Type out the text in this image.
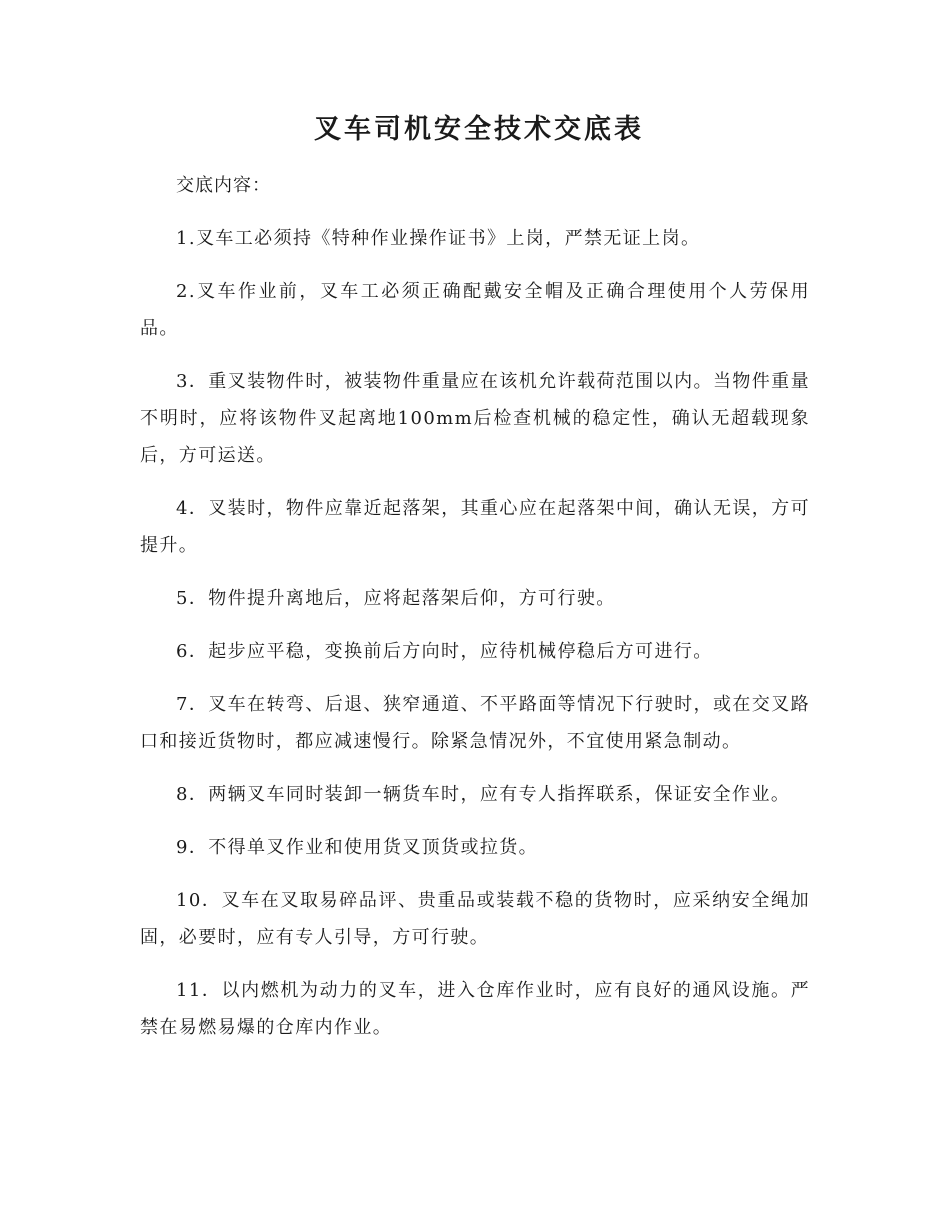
叉车司机安全技术交底表

交底内容：

1.叉车工必须持《特种作业操作证书》上岗，严禁无证上岗。

2.叉车作业前，叉车工必须正确配戴安全帽及正确合理使用个人劳保用品。

3．重叉装物件时，被装物件重量应在该机允许载荷范围以内。当物件重量不明时，应将该物件叉起离地100mm后检查机械的稳定性，确认无超载现象后，方可运送。

4．叉装时，物件应靠近起落架，其重心应在起落架中间，确认无误，方可提升。

5．物件提升离地后，应将起落架后仰，方可行驶。

6．起步应平稳，变换前后方向时，应待机械停稳后方可进行。

7．叉车在转弯、后退、狭窄通道、不平路面等情况下行驶时，或在交叉路口和接近货物时，都应减速慢行。除紧急情况外，不宜使用紧急制动。

8．两辆叉车同时装卸一辆货车时，应有专人指挥联系，保证安全作业。

9．不得单叉作业和使用货叉顶货或拉货。

10．叉车在叉取易碎品评、贵重品或装载不稳的货物时，应采纳安全绳加固，必要时，应有专人引导，方可行驶。

11．以内燃机为动力的叉车，进入仓库作业时，应有良好的通风设施。严禁在易燃易爆的仓库内作业。
